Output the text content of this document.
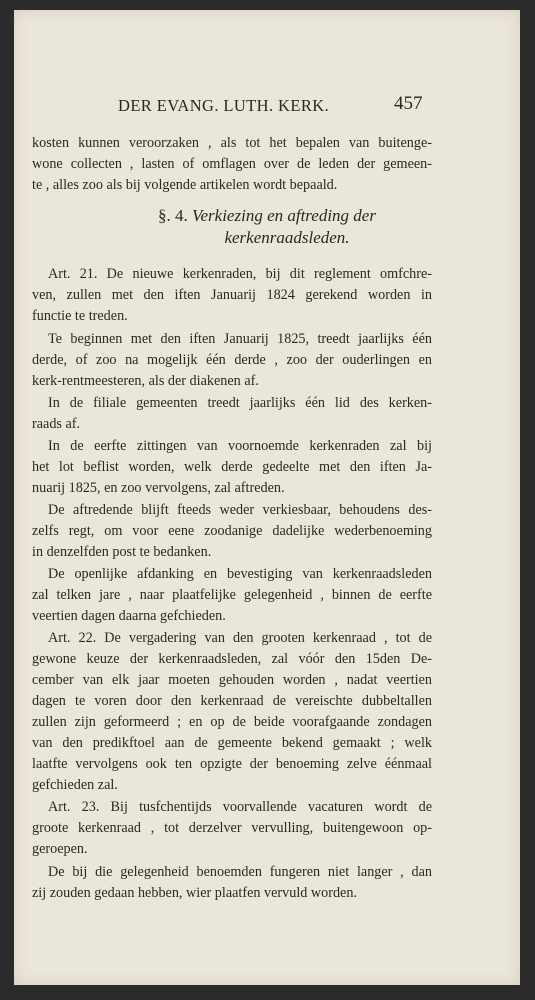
DER EVANG. LUTH. KERK.	457
kosten kunnen veroorzaken , als tot het bepalen van buitenge-
wone collecten , lasten of omflagen over de leden der gemeen-
te , alles zoo als bij volgende artikelen wordt bepaald.
§. 4. Verkiezing en aftreding der
kerkenraadsleden.
Art. 21. De nieuwe kerkenraden, bij dit reglement omfchre-
ven, zullen met den iften Januarij 1824 gerekend worden in
functie te treden.
Te beginnen met den iften Januarij 1825, treedt jaarlijks één
derde, of zoo na mogelijk één derde , zoo der ouderlingen en
kerk-rentmeesteren, als der diakenen af.
In de filiale gemeenten treedt jaarlijks één lid des kerken-
raads af.
In de eerfte zittingen van voornoemde kerkenraden zal bij
het lot beflist worden, welk derde gedeelte met den iften Ja-
nuarij 1825, en zoo vervolgens, zal aftreden.
De aftredende blijft fteeds weder verkiesbaar, behoudens des-
zelfs regt, om voor eene zoodanige dadelijke wederbenoeming
in denzelfden post te bedanken.
De openlijke afdanking en bevestiging van kerkenraadsleden
zal telken jare , naar plaatfelijke gelegenheid , binnen de eerfte
veertien dagen daarna gefchieden.
Art. 22. De vergadering van den grooten kerkenraad , tot de
gewone keuze der kerkenraadsleden, zal vóór den 15den De-
cember van elk jaar moeten gehouden worden , nadat veertien
dagen te voren door den kerkenraad de vereischte dubbeltallen
zullen zijn geformeerd ; en op de beide voorafgaande zondagen
van den predikftoel aan de gemeente bekend gemaakt ; welk
laatfte vervolgens ook ten opzigte der benoeming zelve éénmaal
gefchieden zal.
Art. 23. Bij tusfchentijds voorvallende vacaturen wordt de
groote kerkenraad , tot derzelver vervulling, buitengewoon op-
geroepen.
De bij die gelegenheid benoemden fungeren niet langer , dan
zij zouden gedaan hebben, wier plaatfen vervuld worden.
